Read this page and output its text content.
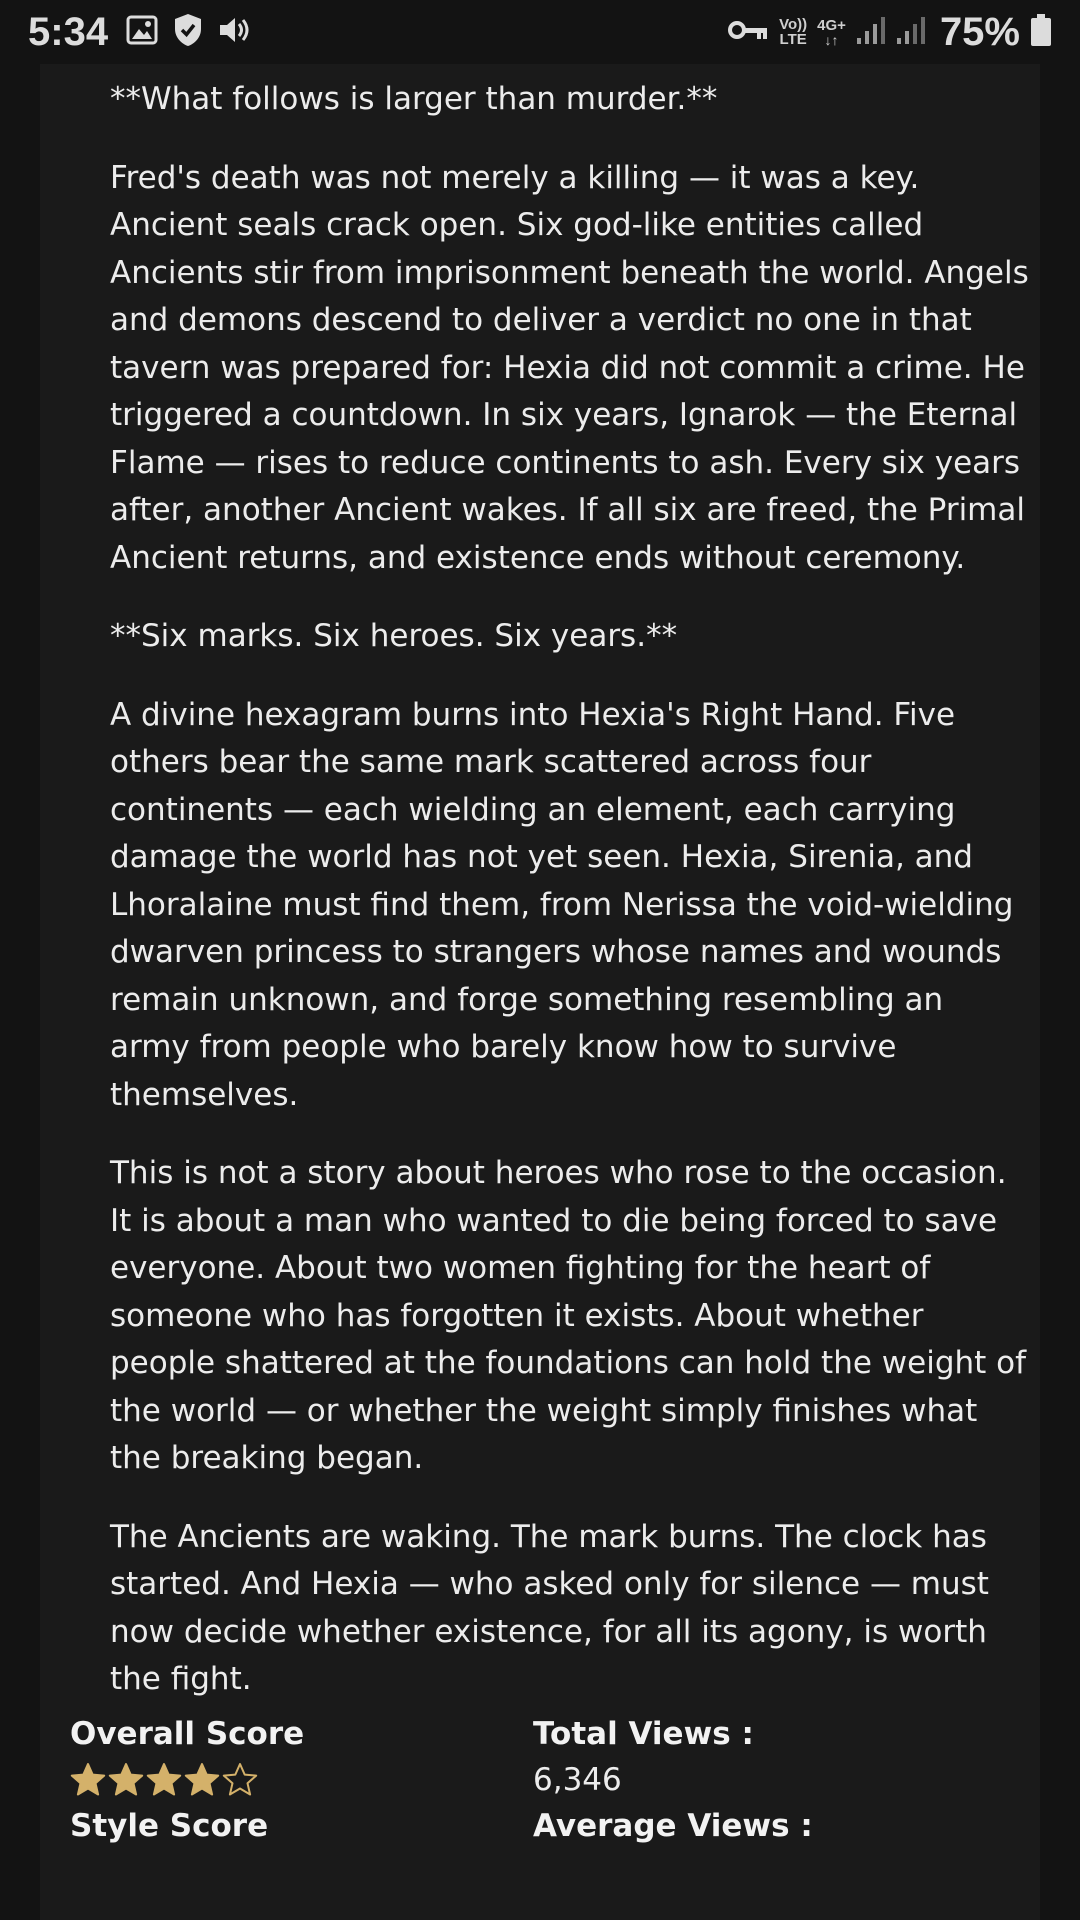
5:34	Vo))
LTE
4G+
↓↑	75%

**What follows is larger than murder.**

Fred's death was not merely a killing — it was a key. Ancient seals crack open. Six god-like entities called Ancients stir from imprisonment beneath the world. Angels and demons descend to deliver a verdict no one in that tavern was prepared for: Hexia did not commit a crime. He triggered a countdown. In six years, Ignarok — the Eternal Flame — rises to reduce continents to ash. Every six years after, another Ancient wakes. If all six are freed, the Primal Ancient returns, and existence ends without ceremony.

**Six marks. Six heroes. Six years.**

A divine hexagram burns into Hexia's Right Hand. Five others bear the same mark scattered across four continents — each wielding an element, each carrying damage the world has not yet seen. Hexia, Sirenia, and Lhoralaine must find them, from Nerissa the void-wielding dwarven princess to strangers whose names and wounds remain unknown, and forge something resembling an army from people who barely know how to survive themselves.

This is not a story about heroes who rose to the occasion. It is about a man who wanted to die being forced to save everyone. About two women fighting for the heart of someone who has forgotten it exists. About whether people shattered at the foundations can hold the weight of the world — or whether the weight simply finishes what the breaking began.

The Ancients are waking. The mark burns. The clock has started. And Hexia — who asked only for silence — must now decide whether existence, for all its agony, is worth the fight.

Overall Score
Style Score
Total Views :
6,346
Average Views :
